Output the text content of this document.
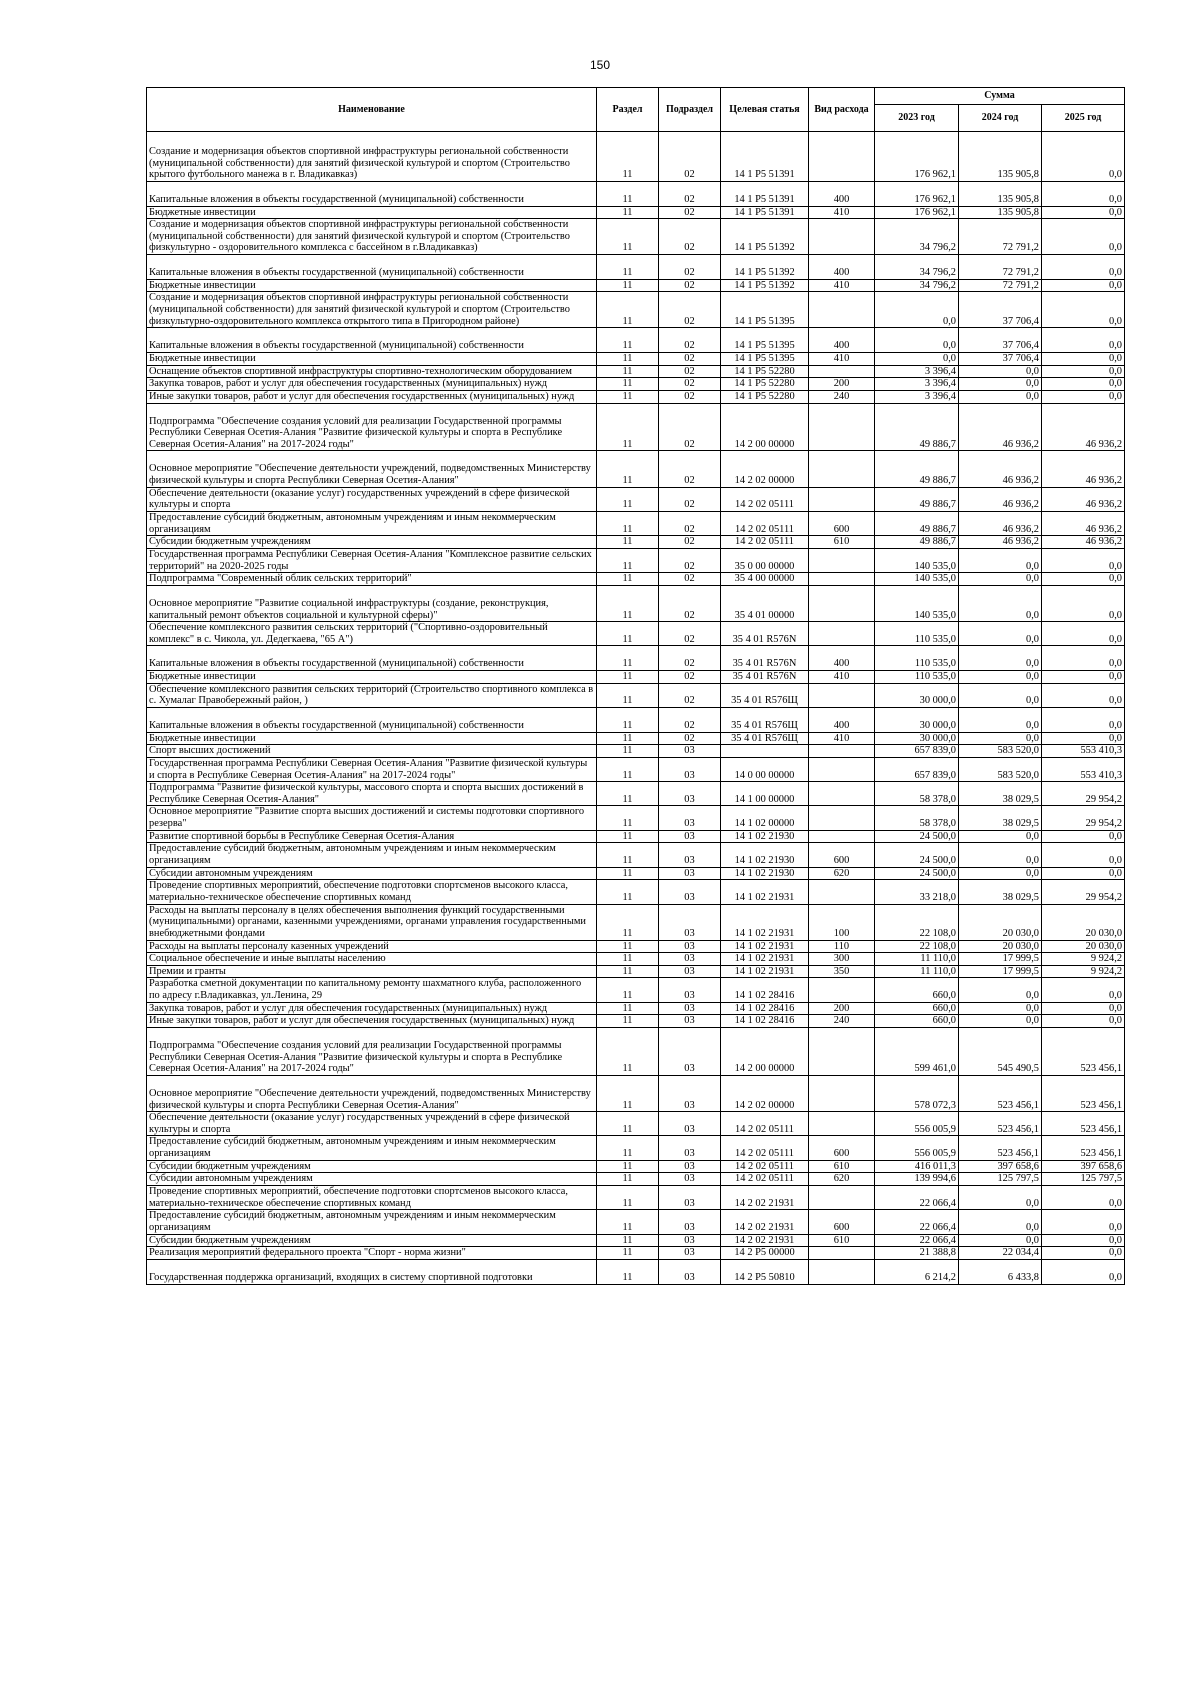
150
Наименование	Раздел	Подраздел	Целевая статья	Вид расхода	Сумма		
					2023 год	2024 год	2025 год
Создание и модернизация объектов спортивной инфраструктуры региональной собственности (муниципальной собственности) для занятий физической культурой и спортом (Строительство крытого футбольного манежа в г. Владикавказ)	11	02	14 1 P5 51391		176 962,1	135 905,8	0,0
Капитальные вложения в объекты государственной (муниципальной) собственности	11	02	14 1 P5 51391	400	176 962,1	135 905,8	0,0
Бюджетные инвестиции	11	02	14 1 P5 51391	410	176 962,1	135 905,8	0,0
Создание и модернизация объектов спортивной инфраструктуры региональной собственности (муниципальной собственности) для занятий физической культурой и спортом (Строительство физкультурно - оздоровительного комплекса с бассейном в г.Владикавказ)	11	02	14 1 P5 51392		34 796,2	72 791,2	0,0
Капитальные вложения в объекты государственной (муниципальной) собственности	11	02	14 1 P5 51392	400	34 796,2	72 791,2	0,0
Бюджетные инвестиции	11	02	14 1 P5 51392	410	34 796,2	72 791,2	0,0
Создание и модернизация объектов спортивной инфраструктуры региональной собственности (муниципальной собственности) для занятий физической культурой и спортом (Строительство физкультурно-оздоровительного комплекса открытого типа в Пригородном районе)	11	02	14 1 P5 51395		0,0	37 706,4	0,0
Капитальные вложения в объекты государственной (муниципальной) собственности	11	02	14 1 P5 51395	400	0,0	37 706,4	0,0
Бюджетные инвестиции	11	02	14 1 P5 51395	410	0,0	37 706,4	0,0
Оснащение объектов спортивной инфраструктуры спортивно-технологическим оборудованием	11	02	14 1 P5 52280		3 396,4	0,0	0,0
Закупка товаров, работ и услуг для обеспечения государственных (муниципальных) нужд	11	02	14 1 P5 52280	200	3 396,4	0,0	0,0
Иные закупки товаров, работ и услуг для обеспечения государственных (муниципальных) нужд	11	02	14 1 P5 52280	240	3 396,4	0,0	0,0
Подпрограмма "Обеспечение создания условий для реализации Государственной программы Республики Северная Осетия-Алания "Развитие физической культуры и спорта в Республике Северная Осетия-Алания" на 2017-2024 годы"	11	02	14 2 00 00000		49 886,7	46 936,2	46 936,2
Основное мероприятие "Обеспечение деятельности учреждений, подведомственных Министерству физической культуры и спорта Республики Северная Осетия-Алания"	11	02	14 2 02 00000		49 886,7	46 936,2	46 936,2
Обеспечение деятельности (оказание услуг) государственных учреждений в сфере физической культуры и спорта	11	02	14 2 02 05111		49 886,7	46 936,2	46 936,2
Предоставление субсидий бюджетным, автономным учреждениям и иным некоммерческим организациям	11	02	14 2 02 05111	600	49 886,7	46 936,2	46 936,2
Субсидии бюджетным учреждениям	11	02	14 2 02 05111	610	49 886,7	46 936,2	46 936,2
Государственная программа Республики Северная Осетия-Алания "Комплексное развитие сельских территорий" на 2020-2025 годы	11	02	35 0 00 00000		140 535,0	0,0	0,0
Подпрограмма "Современный облик сельских территорий"	11	02	35 4 00 00000		140 535,0	0,0	0,0
Основное мероприятие "Развитие социальной инфраструктуры (создание, реконструкция, капитальный ремонт объектов социальной и культурной сферы)"	11	02	35 4 01 00000		140 535,0	0,0	0,0
Обеспечение комплексного развития сельских территорий ("Спортивно-оздоровительный комплекс" в с. Чикола, ул. Дедегкаева, "65 А")	11	02	35 4 01 R576N		110 535,0	0,0	0,0
Капитальные вложения в объекты государственной (муниципальной) собственности	11	02	35 4 01 R576N	400	110 535,0	0,0	0,0
Бюджетные инвестиции	11	02	35 4 01 R576N	410	110 535,0	0,0	0,0
Обеспечение комплексного развития сельских территорий (Строительство спортивного комплекса в с. Хумалаг Правобережный район, )	11	02	35 4 01 R576Щ		30 000,0	0,0	0,0
Капитальные вложения в объекты государственной (муниципальной) собственности	11	02	35 4 01 R576Щ	400	30 000,0	0,0	0,0
Бюджетные инвестиции	11	02	35 4 01 R576Щ	410	30 000,0	0,0	0,0
Спорт высших достижений	11	03			657 839,0	583 520,0	553 410,3
Государственная программа Республики Северная Осетия-Алания "Развитие физической культуры и спорта в Республике Северная Осетия-Алания" на 2017-2024 годы"	11	03	14 0 00 00000		657 839,0	583 520,0	553 410,3
Подпрограмма "Развитие физической культуры, массового спорта и спорта высших достижений в Республике Северная Осетия-Алания"	11	03	14 1 00 00000		58 378,0	38 029,5	29 954,2
Основное мероприятие "Развитие спорта высших достижений и системы подготовки спортивного резерва"	11	03	14 1 02 00000		58 378,0	38 029,5	29 954,2
Развитие спортивной борьбы в Республике Северная Осетия-Алания	11	03	14 1 02 21930		24 500,0	0,0	0,0
Предоставление субсидий бюджетным, автономным учреждениям и иным некоммерческим организациям	11	03	14 1 02 21930	600	24 500,0	0,0	0,0
Субсидии автономным учреждениям	11	03	14 1 02 21930	620	24 500,0	0,0	0,0
Проведение спортивных мероприятий, обеспечение подготовки спортсменов высокого класса, материально-техническое обеспечение спортивных команд	11	03	14 1 02 21931		33 218,0	38 029,5	29 954,2
Расходы на выплаты персоналу в целях обеспечения выполнения функций государственными (муниципальными) органами, казенными учреждениями, органами управления государственными внебюджетными фондами	11	03	14 1 02 21931	100	22 108,0	20 030,0	20 030,0
Расходы на выплаты персоналу казенных учреждений	11	03	14 1 02 21931	110	22 108,0	20 030,0	20 030,0
Социальное обеспечение и иные выплаты населению	11	03	14 1 02 21931	300	11 110,0	17 999,5	9 924,2
Премии и гранты	11	03	14 1 02 21931	350	11 110,0	17 999,5	9 924,2
Разработка сметной документации по капитальному ремонту шахматного клуба, расположенного по адресу г.Владикавказ, ул.Ленина, 29	11	03	14 1 02 28416		660,0	0,0	0,0
Закупка товаров, работ и услуг для обеспечения государственных (муниципальных) нужд	11	03	14 1 02 28416	200	660,0	0,0	0,0
Иные закупки товаров, работ и услуг для обеспечения государственных (муниципальных) нужд	11	03	14 1 02 28416	240	660,0	0,0	0,0
Подпрограмма "Обеспечение создания условий для реализации Государственной программы Республики Северная Осетия-Алания "Развитие физической культуры и спорта в Республике Северная Осетия-Алания" на 2017-2024 годы"	11	03	14 2 00 00000		599 461,0	545 490,5	523 456,1
Основное мероприятие "Обеспечение деятельности учреждений, подведомственных Министерству физической культуры и спорта Республики Северная Осетия-Алания"	11	03	14 2 02 00000		578 072,3	523 456,1	523 456,1
Обеспечение деятельности (оказание услуг) государственных учреждений в сфере физической культуры и спорта	11	03	14 2 02 05111		556 005,9	523 456,1	523 456,1
Предоставление субсидий бюджетным, автономным учреждениям и иным некоммерческим организациям	11	03	14 2 02 05111	600	556 005,9	523 456,1	523 456,1
Субсидии бюджетным учреждениям	11	03	14 2 02 05111	610	416 011,3	397 658,6	397 658,6
Субсидии автономным учреждениям	11	03	14 2 02 05111	620	139 994,6	125 797,5	125 797,5
Проведение спортивных мероприятий, обеспечение подготовки спортсменов высокого класса, материально-техническое обеспечение спортивных команд	11	03	14 2 02 21931		22 066,4	0,0	0,0
Предоставление субсидий бюджетным, автономным учреждениям и иным некоммерческим организациям	11	03	14 2 02 21931	600	22 066,4	0,0	0,0
Субсидии бюджетным учреждениям	11	03	14 2 02 21931	610	22 066,4	0,0	0,0
Реализация мероприятий федерального проекта "Спорт - норма жизни"	11	03	14 2 P5 00000		21 388,8	22 034,4	0,0
Государственная поддержка организаций, входящих в систему спортивной подготовки	11	03	14 2 P5 50810		6 214,2	6 433,8	0,0
